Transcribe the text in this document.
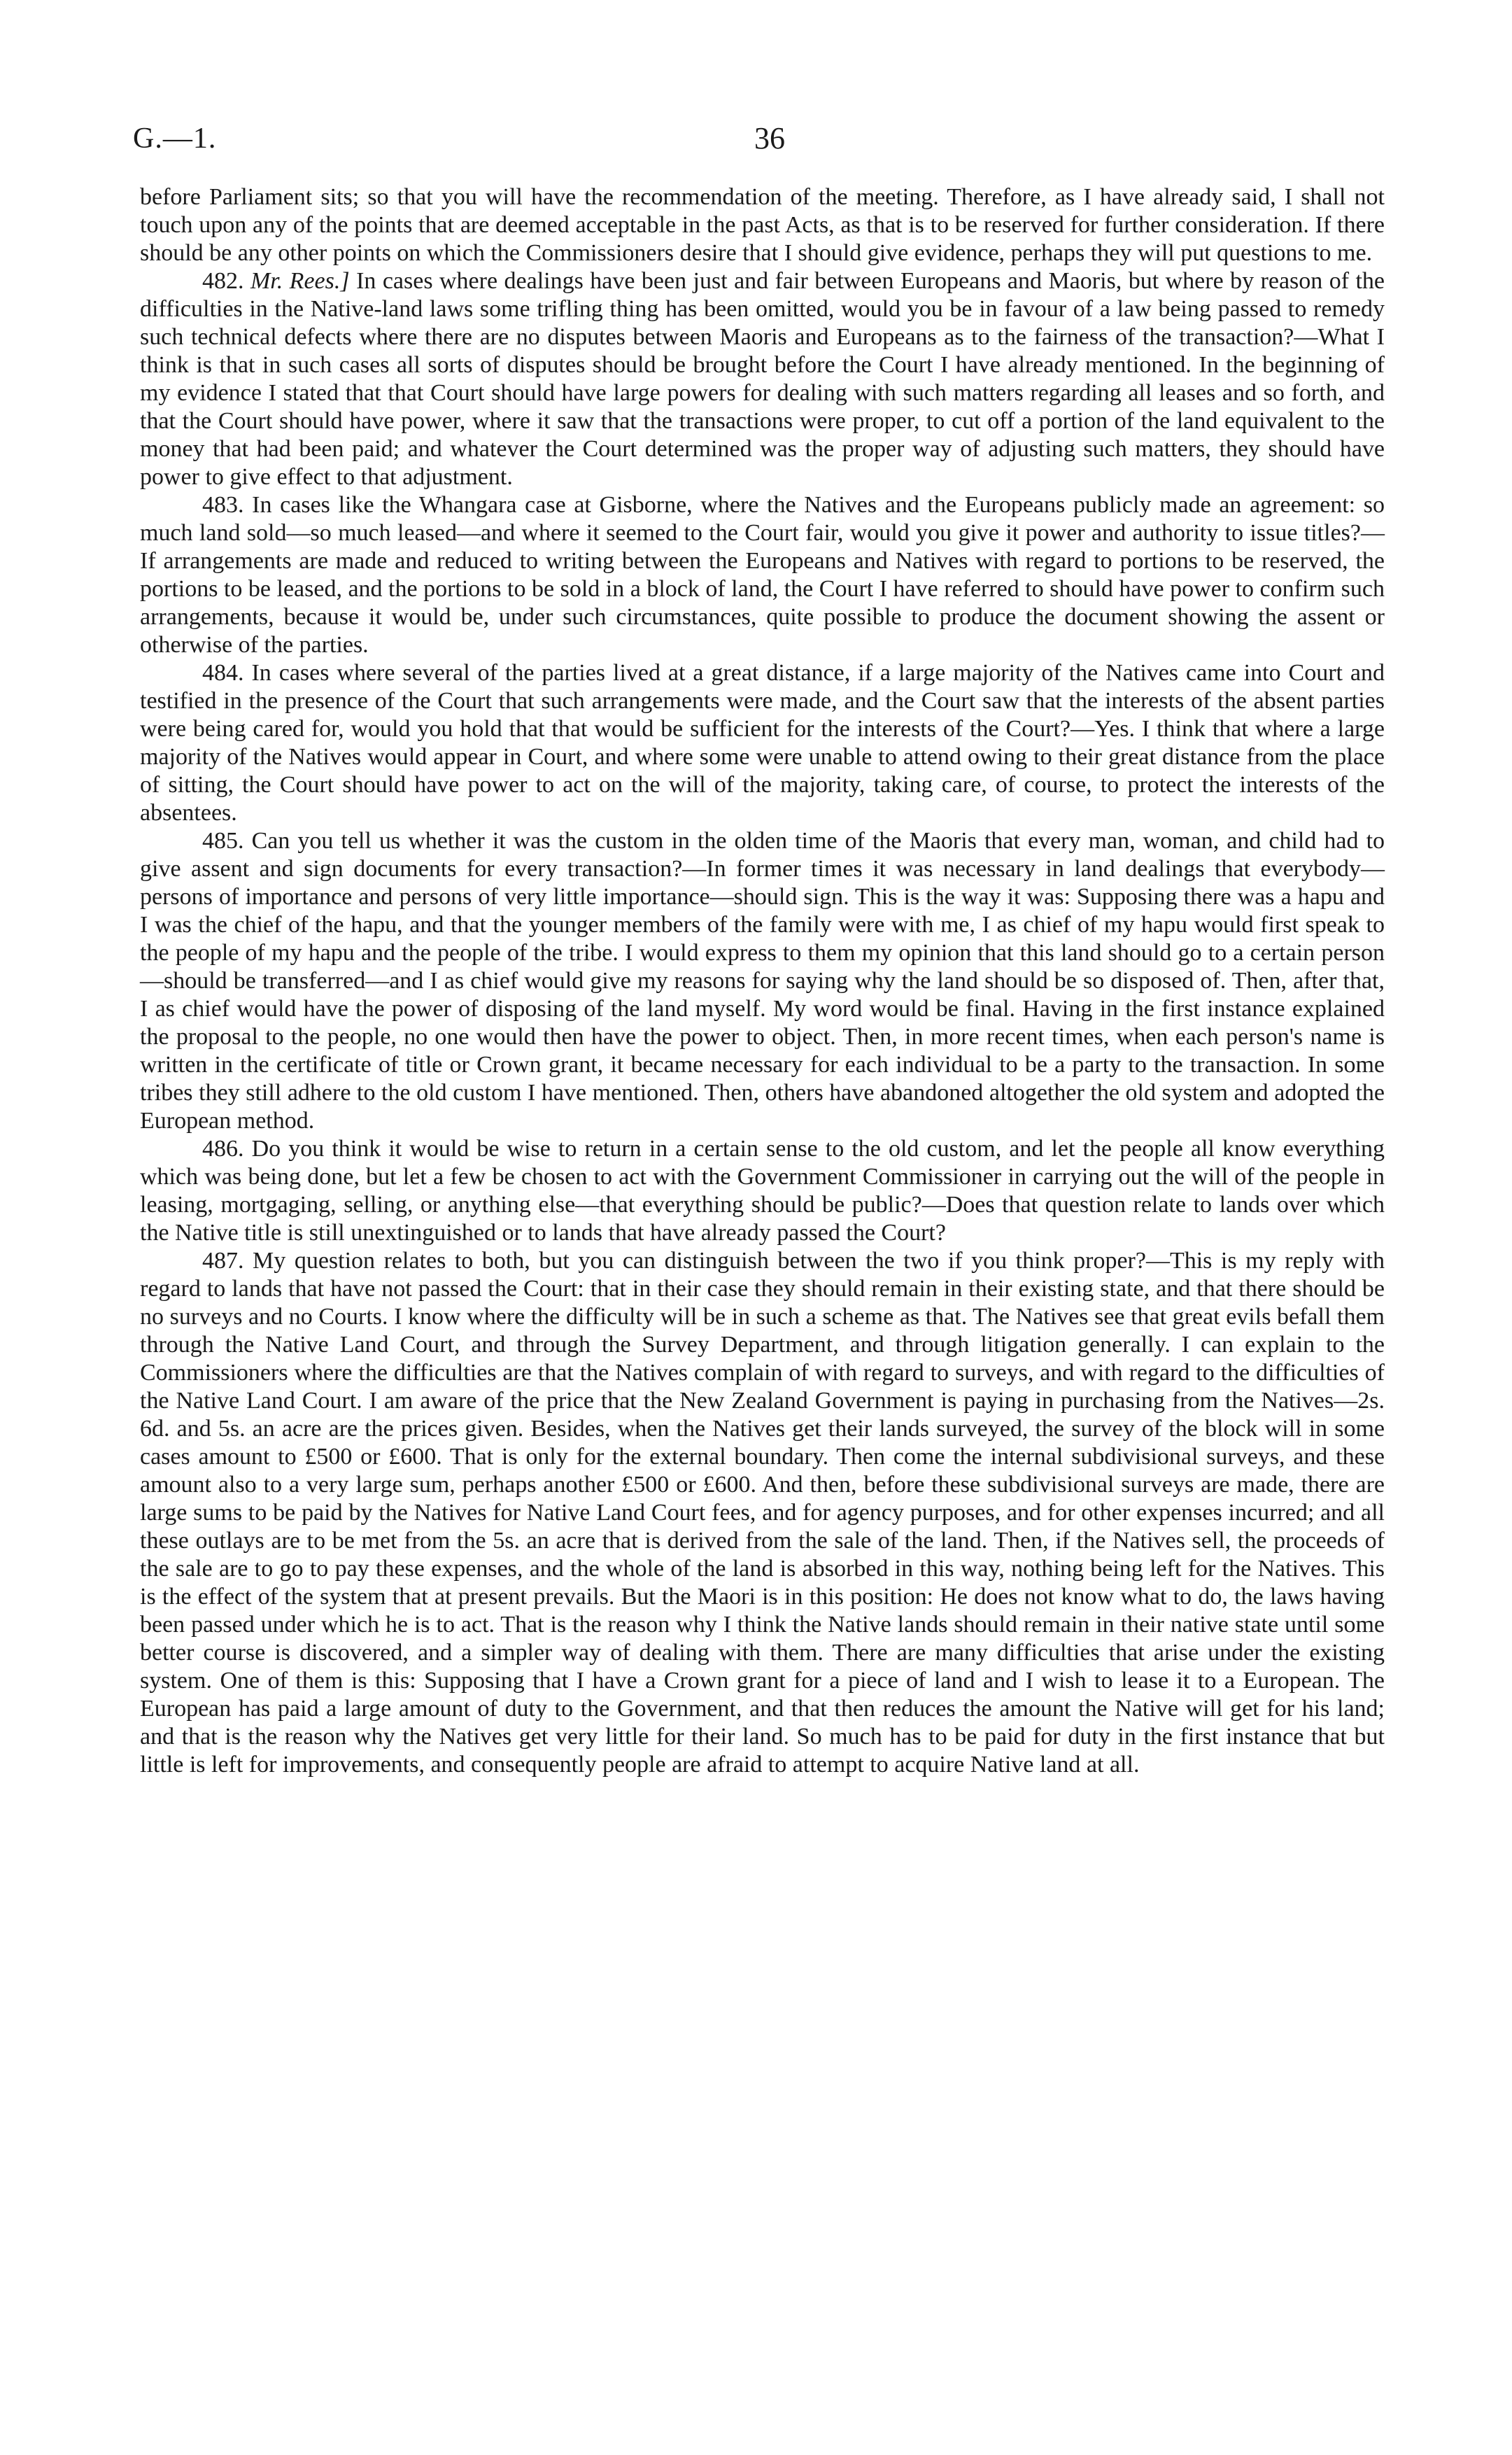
G.—1.	36

before Parliament sits; so that you will have the recommendation of the meeting. Therefore, as I have already said, I shall not touch upon any of the points that are deemed acceptable in the past Acts, as that is to be reserved for further consideration. If there should be any other points on which the Commissioners desire that I should give evidence, perhaps they will put questions to me.

482. Mr. Rees.] In cases where dealings have been just and fair between Europeans and Maoris, but where by reason of the difficulties in the Native-land laws some trifling thing has been omitted, would you be in favour of a law being passed to remedy such technical defects where there are no disputes between Maoris and Europeans as to the fairness of the transaction?—What I think is that in such cases all sorts of disputes should be brought before the Court I have already mentioned. In the beginning of my evidence I stated that that Court should have large powers for dealing with such matters regarding all leases and so forth, and that the Court should have power, where it saw that the transactions were proper, to cut off a portion of the land equivalent to the money that had been paid; and whatever the Court determined was the proper way of adjusting such matters, they should have power to give effect to that adjustment.

483. In cases like the Whangara case at Gisborne, where the Natives and the Europeans publicly made an agreement: so much land sold—so much leased—and where it seemed to the Court fair, would you give it power and authority to issue titles?—If arrangements are made and reduced to writing between the Europeans and Natives with regard to portions to be reserved, the portions to be leased, and the portions to be sold in a block of land, the Court I have referred to should have power to confirm such arrangements, because it would be, under such circumstances, quite possible to produce the document showing the assent or otherwise of the parties.

484. In cases where several of the parties lived at a great distance, if a large majority of the Natives came into Court and testified in the presence of the Court that such arrangements were made, and the Court saw that the interests of the absent parties were being cared for, would you hold that that would be sufficient for the interests of the Court?—Yes. I think that where a large majority of the Natives would appear in Court, and where some were unable to attend owing to their great distance from the place of sitting, the Court should have power to act on the will of the majority, taking care, of course, to protect the interests of the absentees.

485. Can you tell us whether it was the custom in the olden time of the Maoris that every man, woman, and child had to give assent and sign documents for every transaction?—In former times it was necessary in land dealings that everybody—persons of importance and persons of very little importance—should sign. This is the way it was: Supposing there was a hapu and I was the chief of the hapu, and that the younger members of the family were with me, I as chief of my hapu would first speak to the people of my hapu and the people of the tribe. I would express to them my opinion that this land should go to a certain person—should be transferred—and I as chief would give my reasons for saying why the land should be so disposed of. Then, after that, I as chief would have the power of disposing of the land myself. My word would be final. Having in the first instance explained the proposal to the people, no one would then have the power to object. Then, in more recent times, when each person's name is written in the certificate of title or Crown grant, it became necessary for each individual to be a party to the transaction. In some tribes they still adhere to the old custom I have mentioned. Then, others have abandoned altogether the old system and adopted the European method.

486. Do you think it would be wise to return in a certain sense to the old custom, and let the people all know everything which was being done, but let a few be chosen to act with the Government Commissioner in carrying out the will of the people in leasing, mortgaging, selling, or anything else—that everything should be public?—Does that question relate to lands over which the Native title is still unextinguished or to lands that have already passed the Court?

487. My question relates to both, but you can distinguish between the two if you think proper?—This is my reply with regard to lands that have not passed the Court: that in their case they should remain in their existing state, and that there should be no surveys and no Courts. I know where the difficulty will be in such a scheme as that. The Natives see that great evils befall them through the Native Land Court, and through the Survey Department, and through litigation generally. I can explain to the Commissioners where the difficulties are that the Natives complain of with regard to surveys, and with regard to the difficulties of the Native Land Court. I am aware of the price that the New Zealand Government is paying in purchasing from the Natives—2s. 6d. and 5s. an acre are the prices given. Besides, when the Natives get their lands surveyed, the survey of the block will in some cases amount to £500 or £600. That is only for the external boundary. Then come the internal subdivisional surveys, and these amount also to a very large sum, perhaps another £500 or £600. And then, before these subdivisional surveys are made, there are large sums to be paid by the Natives for Native Land Court fees, and for agency purposes, and for other expenses incurred; and all these outlays are to be met from the 5s. an acre that is derived from the sale of the land. Then, if the Natives sell, the proceeds of the sale are to go to pay these expenses, and the whole of the land is absorbed in this way, nothing being left for the Natives. This is the effect of the system that at present prevails. But the Maori is in this position: He does not know what to do, the laws having been passed under which he is to act. That is the reason why I think the Native lands should remain in their native state until some better course is discovered, and a simpler way of dealing with them. There are many difficulties that arise under the existing system. One of them is this: Supposing that I have a Crown grant for a piece of land and I wish to lease it to a European. The European has paid a large amount of duty to the Government, and that then reduces the amount the Native will get for his land; and that is the reason why the Natives get very little for their land. So much has to be paid for duty in the first instance that but little is left for improvements, and consequently people are afraid to attempt to acquire Native land at all.
